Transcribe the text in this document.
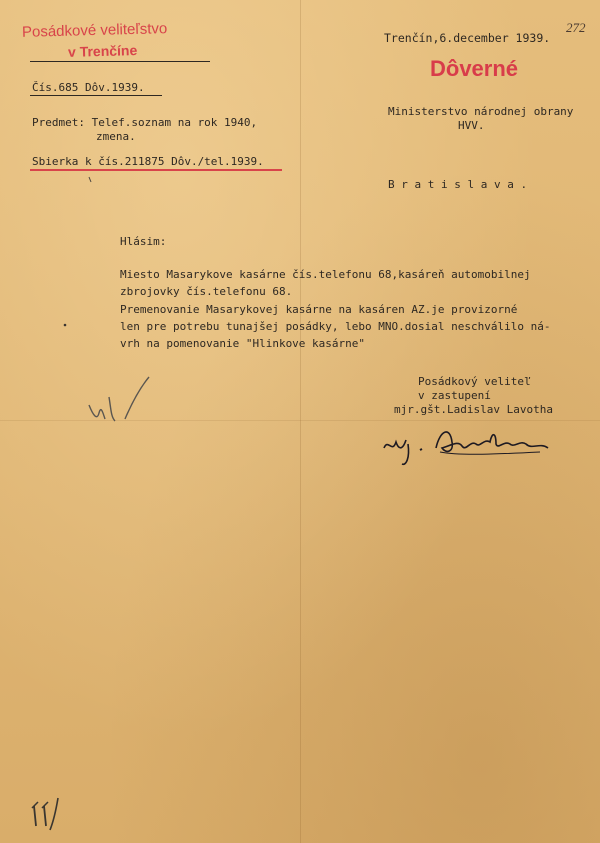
Posádkové veliteľstvo
v Trenčíne
Trenčín,6.december 1939.
272
Dôverné
Čís.685 Dôv.1939.
Predmet: Telef.soznam na rok 1940,
zmena.
Sbierka k čís.211875 Dôv./tel.1939.
Ministerstvo národnej obrany
HVV.
B r a t i s l a v a .
Hlásim:
Miesto Masarykove kasárne čís.telefonu 68,kasáreň automobilnej
zbrojovky čís.telefonu 68.
Premenovanie Masarykovej kasárne na kasáren AZ.je provizorné
len pre potrebu tunajšej posádky, lebo MNO.dosial neschválilo ná-
vrh na pomenovanie "Hlinkove kasárne"
Posádkový veliteľ
v zastupení
mjr.gšt.Ladislav Lavotha
